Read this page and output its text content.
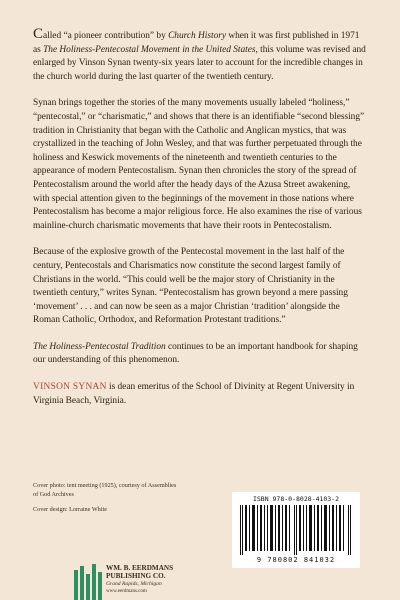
Called “a pioneer contribution” by Church History when it was first published in 1971 as The Holiness-Pentecostal Movement in the United States, this volume was revised and enlarged by Vinson Synan twenty-six years later to account for the incredible changes in the church world during the last quarter of the twentieth century.

Synan brings together the stories of the many movements usually labeled “holiness,” “pentecostal,” or “charismatic,” and shows that there is an identifiable “second blessing” tradition in Christianity that began with the Catholic and Anglican mystics, that was crystallized in the teaching of John Wesley, and that was further perpetuated through the holiness and Keswick movements of the nineteenth and twentieth centuries to the appearance of modern Pentecostalism. Synan then chronicles the story of the spread of Pentecostalism around the world after the heady days of the Azusa Street awakening, with special attention given to the beginnings of the movement in those nations where Pentecostalism has become a major religious force. He also examines the rise of various mainline-church charismatic movements that have their roots in Pentecostalism.

Because of the explosive growth of the Pentecostal movement in the last half of the century, Pentecostals and Charismatics now constitute the second largest family of Christians in the world. “This could well be the major story of Christianity in the twentieth century,” writes Synan. “Pentecostalism has grown beyond a mere passing ‘movement’ . . . and can now be seen as a major Christian ‘tradition’ alongside the Roman Catholic, Orthodox, and Reformation Protestant traditions.”

The Holiness-Pentecostal Tradition continues to be an important handbook for shaping our understanding of this phenomenon.

VINSON SYNAN is dean emeritus of the School of Divinity at Regent University in Virginia Beach, Virginia.

Cover photo: tent meeting (1925), courtesy of Assemblies of God Archives

Cover design: Lorraine White

ISBN 978-0-8028-4103-2
9 780802 841032
WM. B. EERDMANS
PUBLISHING CO.
Grand Rapids, Michigan
www.eerdmans.com
